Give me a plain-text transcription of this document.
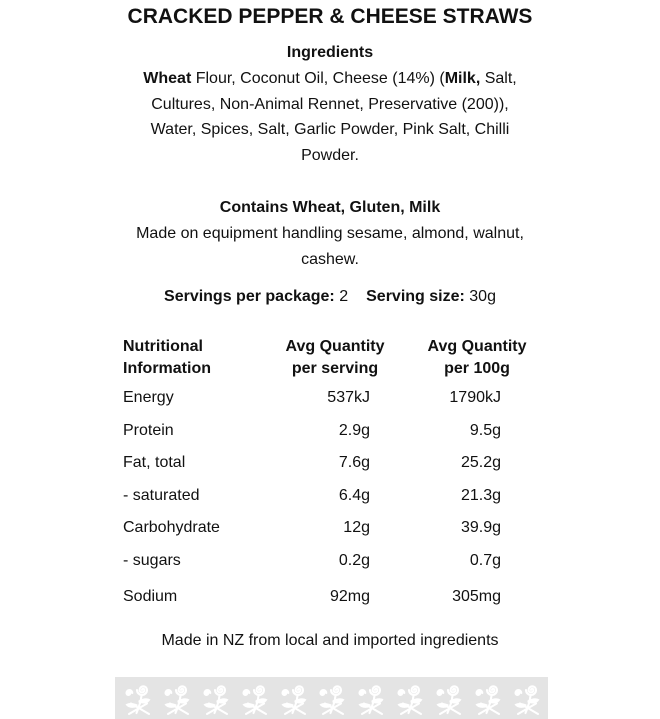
CRACKED PEPPER & CHEESE STRAWS
Ingredients

Wheat Flour, Coconut Oil, Cheese (14%) (Milk, Salt,
Cultures, Non-Animal Rennet, Preservative (200)),
Water, Spices, Salt, Garlic Powder, Pink Salt, Chilli
Powder.

Contains Wheat, Gluten, Milk

Made on equipment handling sesame, almond, walnut,
cashew.

Servings per package: 2 Serving size: 30g

Nutritional
Information
Avg Quantity
per serving
Avg Quantity
per 100g
Energy	537kJ	1790kJ
Protein	2.9g	9.5g
Fat, total	7.6g	25.2g
- saturated	6.4g	21.3g
Carbohydrate	12g	39.9g
- sugars	0.2g	0.7g
Sodium	92mg	305mg

Made in NZ from local and imported ingredients
